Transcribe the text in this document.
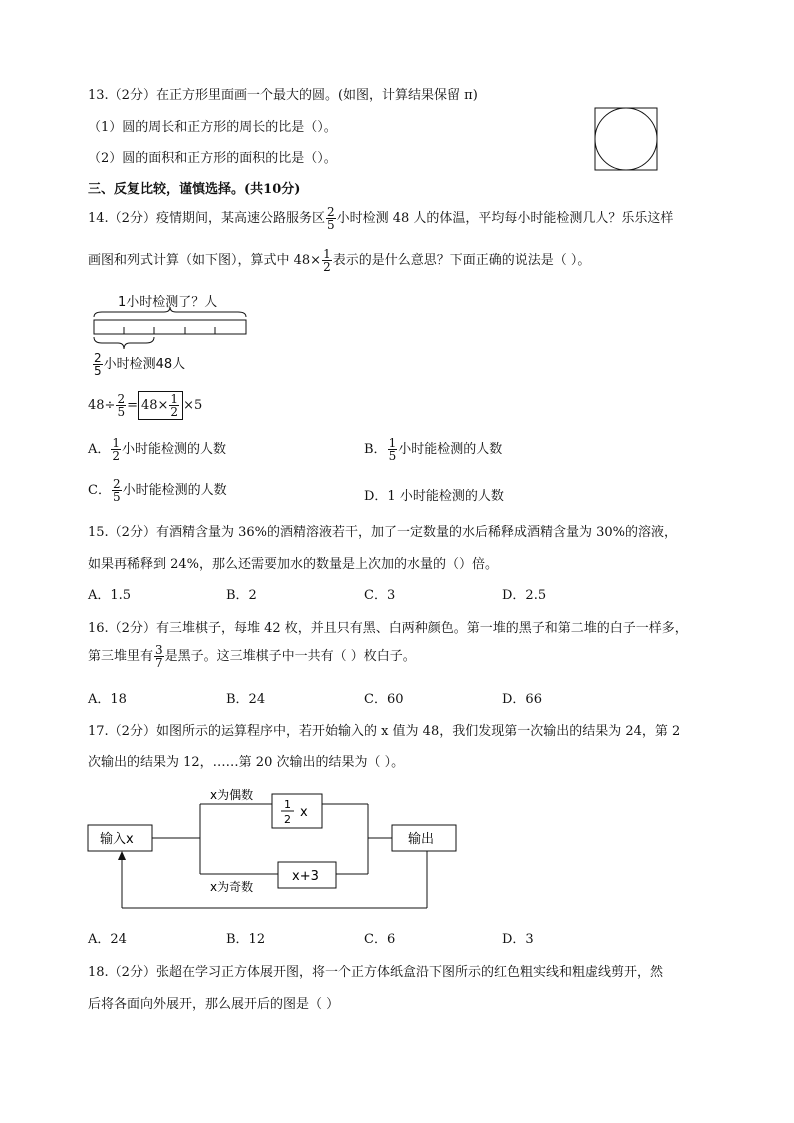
13.（2分）在正方形里面画一个最大的圆。(如图，计算结果保留 π)
（1）圆的周长和正方形的周长的比是（）。
（2）圆的面积和正方形的面积的比是（）。
三、反复比较，谨慎选择。(共10分)
14.（2分）疫情期间，某高速公路服务区 $\frac{2}{5}$ 小时检测 48 人的体温，平均每小时能检测几人？乐乐这样
画图和列式计算（如下图），算式中 $48\times \frac{1}{2}$ 表示的是什么意思？下面正确的说法是（ ）。
1小时检测了？人
$\frac{2}{5}$ 小时检测48人
$48\div \frac{2}{5} = 48\times \frac{1}{2} \times 5$
A． $\frac{1}{2}$ 小时能检测的人数	B． $\frac{1}{5}$ 小时能检测的人数
C． $\frac{2}{5}$ 小时能检测的人数	D．1 小时能检测的人数
15.（2分）有酒精含量为 36%的酒精溶液若干，加了一定数量的水后稀释成酒精含量为 30%的溶液，
如果再稀释到 24%，那么还需要加水的数量是上次加的水量的（）倍。
A．1.5	B．2	C．3	D．2.5
16.（2分）有三堆棋子，每堆 42 枚，并且只有黑、白两种颜色。第一堆的黑子和第二堆的白子一样多，
第三堆里有 $\frac{3}{7}$ 是黑子。这三堆棋子中一共有（ ）枚白子。
A．18	B．24	C．60	D．66
17.（2分）如图所示的运算程序中，若开始输入的 x 值为 48，我们发现第一次输出的结果为 24，第 2
次输出的结果为 12，……第 20 次输出的结果为（ ）。
输入x
1
2 x
x为偶数
x+3
x为奇数
输出
A．24	B．12	C．6	D．3
18.（2分）张超在学习正方体展开图，将一个正方体纸盒沿下图所示的红色粗实线和粗虚线剪开，然
后将各面向外展开，那么展开后的图是（ ）
